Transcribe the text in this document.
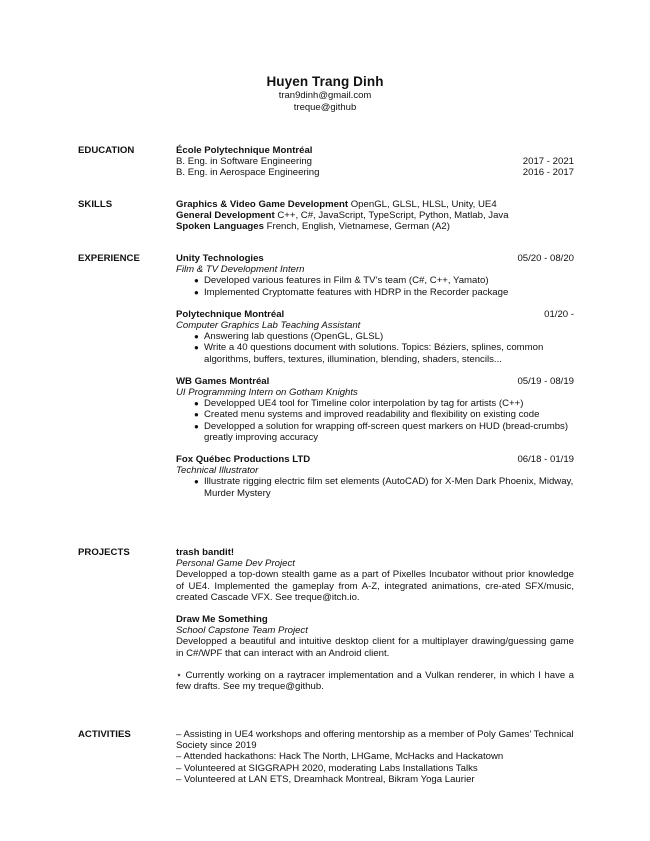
Huyen Trang Dinh
tran9dinh@gmail.com
treque@github
EDUCATION	École Polytechnique Montréal
B. Eng. in Software Engineering	2017 - 2021
B. Eng. in Aerospace Engineering	2016 - 2017
SKILLS	Graphics & Video Game Development OpenGL, GLSL, HLSL, Unity, UE4
General Development C++, C#, JavaScript, TypeScript, Python, Matlab, Java
Spoken Languages French, English, Vietnamese, German (A2)
EXPERIENCE	Unity Technologies	05/20 - 08/20
Film & TV Development Intern
● Developed various features in Film & TV’s team (C#, C++, Yamato)
● Implemented Cryptomatte features with HDRP in the Recorder package
Polytechnique Montréal	01/20 -
Computer Graphics Lab Teaching Assistant
● Answering lab questions (OpenGL, GLSL)
● Write a 40 questions document with solutions. Topics: Béziers, splines, common algorithms, buffers, textures, illumination, blending, shaders, stencils...
WB Games Montréal	05/19 - 08/19
UI Programming Intern on Gotham Knights
● Developped UE4 tool for Timeline color interpolation by tag for artists (C++)
● Created menu systems and improved readability and flexibility on existing code
● Developped a solution for wrapping off-screen quest markers on HUD (bread-crumbs) greatly improving accuracy
Fox Québec Productions LTD	06/18 - 01/19
Technical Illustrator
● Illustrate rigging electric film set elements (AutoCAD) for X-Men Dark Phoenix, Midway, Murder Mystery
PROJECTS	trash bandit!
Personal Game Dev Project
Developped a top-down stealth game as a part of Pixelles Incubator without prior knowledge of UE4. Implemented the gameplay from A-Z, integrated animations, cre-ated SFX/music, created Cascade VFX. See treque@itch.io.
Draw Me Something
School Capstone Team Project
Developped a beautiful and intuitive desktop client for a multiplayer drawing/guessing game in C#/WPF that can interact with an Android client.
⋆ Currently working on a raytracer implementation and a Vulkan renderer, in which I have a few drafts. See my treque@github.
ACTIVITIES	– Assisting in UE4 workshops and offering mentorship as a member of Poly Games’ Technical Society since 2019
– Attended hackathons: Hack The North, LHGame, McHacks and Hackatown
– Volunteered at SIGGRAPH 2020, moderating Labs Installations Talks
– Volunteered at LAN ETS, Dreamhack Montreal, Bikram Yoga Laurier
